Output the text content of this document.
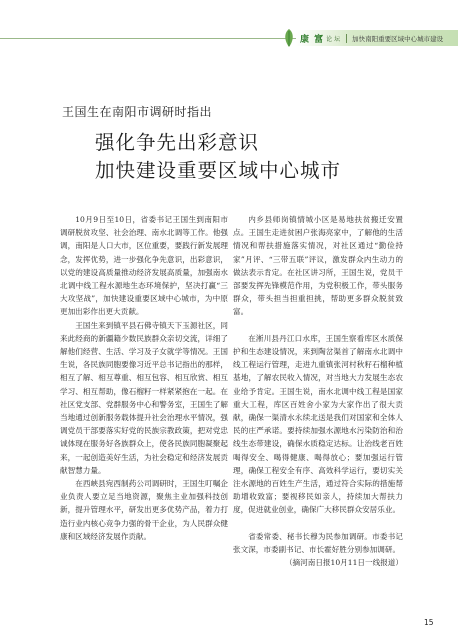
康 富 论 坛 加快南阳重要区域中心城市建设
王国生在南阳市调研时指出
强化争先出彩意识
加快建设重要区域中心城市

10月9日至10日，省委书记王国生到南阳市调研脱贫攻坚、社会治理、南水北调等工作。他强调，南阳是人口大市，区位重要，要践行新发展理念，发挥优势，进一步强化争先意识，出彩意识，以党的建设高质量推动经济发展高质量，加强南水北调中线工程水源地生态环境保护，坚决打赢“三大攻坚战”，加快建设重要区域中心城市，为中原更加出彩作出更大贡献。

王国生来到镇平县石佛寺镇天下玉源社区，同来此经商的新疆籍少数民族群众亲切交流，详细了解他们经营、生活、学习及子女就学等情况。王国生说，各民族同胞要像习近平总书记指出的那样，相互了解、相互尊重、相互包容、相互欣赏、相互学习、相互帮助，像石榴籽一样紧紧抱在一起。在社区党支部、党群服务中心和警务室，王国生了解当地通过创新服务载体提升社会治理水平情况，强调党员干部要落实好党的民族宗教政策，把对党忠诚体现在服务好各族群众上，使各民族同胞凝聚起来，一起创造美好生活，为社会稳定和经济发展贡献智慧力量。

在西峡县宛西制药公司调研时，王国生叮嘱企业负责人要立足当地资源，聚焦主业加强科技创新，提升管理水平，研发出更多优势产品，着力打造行业内核心竞争力强的骨干企业，为人民群众健康和区域经济发展作贡献。

内乡县师岗镇情城小区是易地扶贫搬迁安置点。王国生走进贫困户张海亮家中，了解他的生活情况和帮扶措施落实情况，对社区通过“勤俭持家”月评、“三带五联”评议，激发群众内生动力的做法表示肯定。在社区讲习所，王国生说，党员干部要发挥先锋模范作用，为党积极工作，带头服务群众，带头担当担重担挑，帮助更多群众脱贫致富。

在淅川县丹江口水库，王国生察看库区水质保护和生态建设情况，来到陶岔渠首了解南水北调中线工程运行管理，走进九重镇张河村秋籽石榴种植基地，了解农民收入情况，对当地大力发展生态农业给予肯定。王国生说，南水北调中线工程是国家重大工程，库区百姓舍小家为大家作出了很大贡献，确保一渠清水永续北送是我们对国家和全体人民的庄严承诺。要持续加强水源地水污染防治和治线生态带建设，确保水质稳定达标。让治线老百姓喝得安全、喝得健康、喝得放心；要加强运行管理，确保工程安全有序、高效科学运行，要切实关注水源地的百姓生产生活，通过符合实际的措施帮助增收致富；要视移民如亲人，持续加大帮扶力度，促进就业创业，确保广大移民群众安居乐业。

省委常委、秘书长穆为民参加调研。市委书记张文深，市委副书记、市长霍好胜分别参加调研。

（摘河南日报10月11日一线报道）

15
